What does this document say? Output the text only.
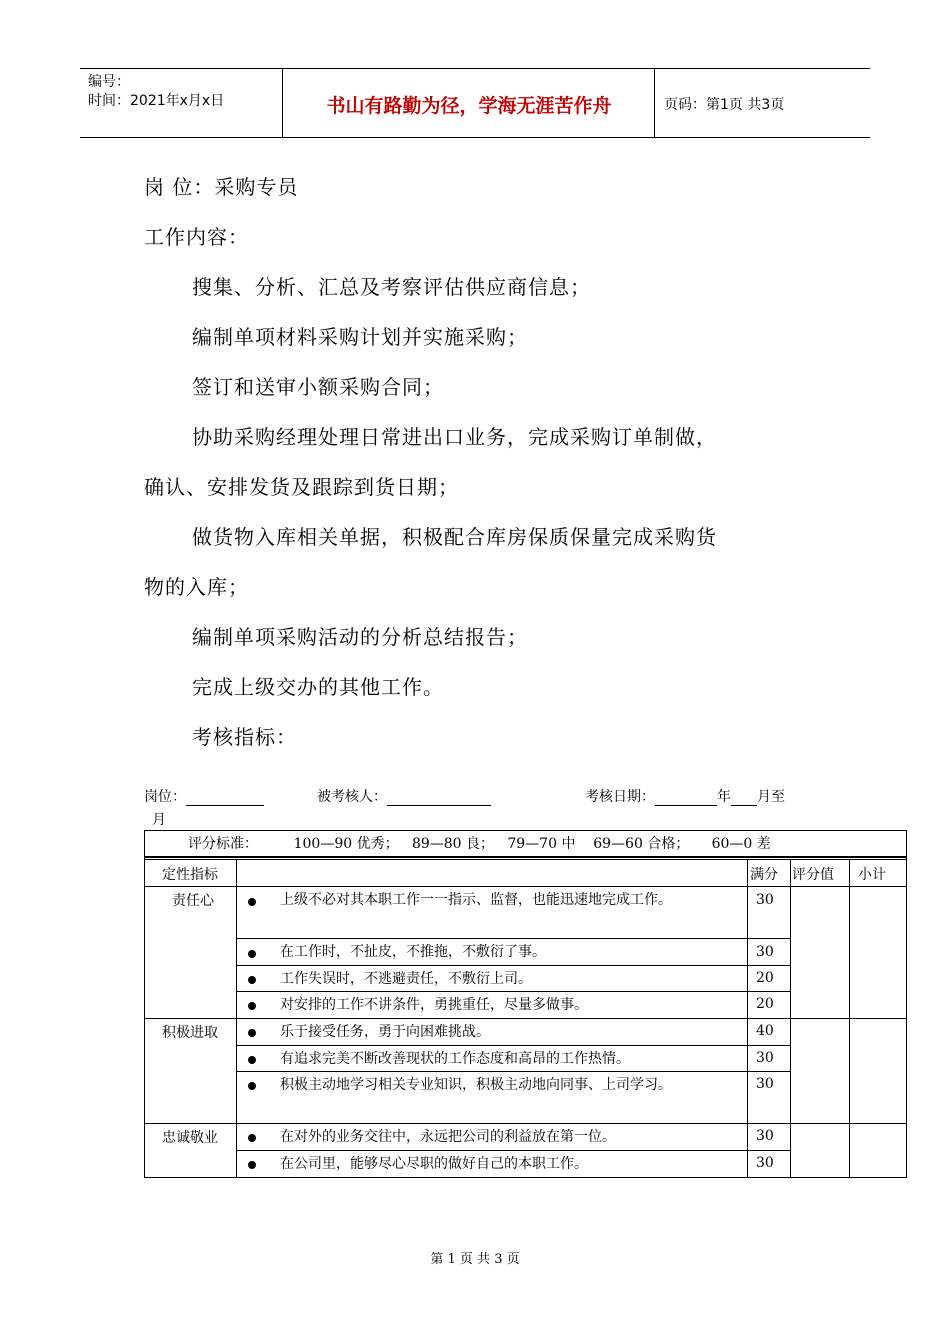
编号：
时间：2021年x月x日	书山有路勤为径，学海无涯苦作舟	页码：第1页 共3页
岗 位：采购专员
工作内容：
搜集、分析、汇总及考察评估供应商信息；
编制单项材料采购计划并实施采购；
签订和送审小额采购合同；
协助采购经理处理日常进出口业务，完成采购订单制做，
确认、安排发货及跟踪到货日期；
做货物入库相关单据，积极配合库房保质保量完成采购货
物的入库；
编制单项采购活动的分析总结报告；
完成上级交办的其他工作。
考核指标：
岗位：	被考核人：	考核日期：	年 月至
月
评分标准：        100—90 优秀；   89—80 良；   79—70 中    69—60 合格；     60—0 差
定性指标	满分 评分值 小计
责任心	上级不必对其本职工作一一指示、监督，也能迅速地完成工作。	30
在工作时，不扯皮，不推拖，不敷衍了事。	30
工作失误时，不逃避责任，不敷衍上司。	20
对安排的工作不讲条件，勇挑重任，尽量多做事。	20
积极进取	乐于接受任务，勇于向困难挑战。	40
有追求完美不断改善现状的工作态度和高昂的工作热情。	30
积极主动地学习相关专业知识，积极主动地向同事、上司学习。	30
忠诚敬业	在对外的业务交往中，永远把公司的利益放在第一位。	30
在公司里，能够尽心尽职的做好自己的本职工作。	30
第 1 页 共 3 页
